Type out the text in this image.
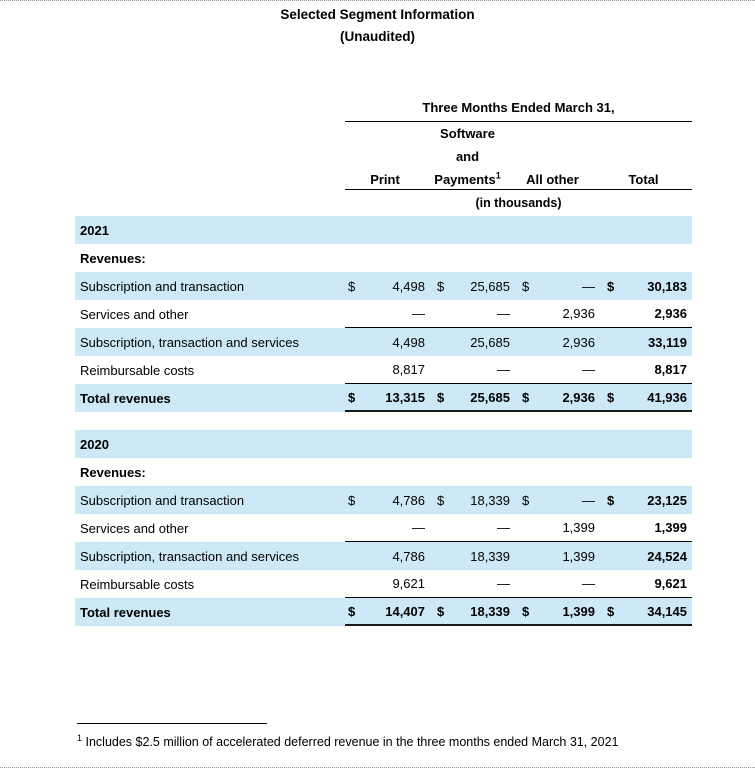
Selected Segment Information
(Unaudited)
Three Months Ended March 31,
Print
Software
and
Payments$^1$	All other	Total
(in thousands)
2021
Revenues:
Subscription and transaction	$	4,498 $	25,685 $	— $	30,183
Services and other	—	—	2,936	2,936
Subscription, transaction and services	4,498	25,685	2,936	33,119
Reimbursable costs	8,817	—	—	8,817
Total revenues	$	13,315 $	25,685 $	2,936 $	41,936
2020
Revenues:
Subscription and transaction	$	4,786 $	18,339 $	— $	23,125
Services and other	—	—	1,399	1,399
Subscription, transaction and services	4,786	18,339	1,399	24,524
Reimbursable costs	9,621	—	—	9,621
Total revenues	$	14,407 $	18,339 $	1,399 $	34,145
$^1$ Includes $2.5 million of accelerated deferred revenue in the three months ended March 31, 2021
